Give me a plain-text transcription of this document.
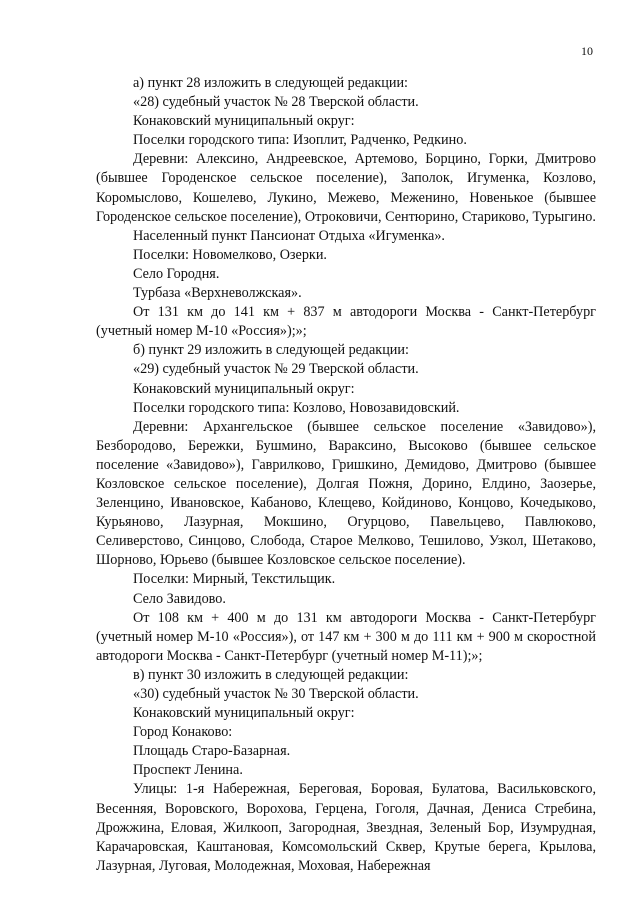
10

а) пункт 28 изложить в следующей редакции:

«28) судебный участок № 28 Тверской области.

Конаковский муниципальный округ:

Поселки городского типа: Изоплит, Радченко, Редкино.

Деревни: Алексино, Андреевское, Артемово, Борцино, Горки, Дмитрово (бывшее Городенское сельское поселение), Заполок, Игуменка, Козлово, Коромыслово, Кошелево, Лукино, Межево, Меженино, Новенькое (бывшее Городенское сельское поселение), Отроковичи, Сентюрино, Стариково, Турыгино.

Населенный пункт Пансионат Отдыха «Игуменка».

Поселки: Новомелково, Озерки.

Село Городня.

Турбаза «Верхневолжская».

От 131 км до 141 км + 837 м автодороги Москва - Санкт-Петербург (учетный номер М-10 «Россия»);»;

б) пункт 29 изложить в следующей редакции:

«29) судебный участок № 29 Тверской области.

Конаковский муниципальный округ:

Поселки городского типа: Козлово, Новозавидовский.

Деревни: Архангельское (бывшее сельское поселение «Завидово»), Безбородово, Бережки, Бушмино, Вараксино, Высоково (бывшее сельское поселение «Завидово»), Гаврилково, Гришкино, Демидово, Дмитрово (бывшее Козловское сельское поселение), Долгая Пожня, Дорино, Елдино, Заозерье, Зеленцино, Ивановское, Кабаново, Клещево, Койдиново, Концово, Кочедыково, Курьяново, Лазурная, Мокшино, Огурцово, Павельцево, Павлюково, Селиверстово, Синцово, Слобода, Старое Мелково, Тешилово, Узкол, Шетаково, Шорново, Юрьево (бывшее Козловское сельское поселение).

Поселки: Мирный, Текстильщик.

Село Завидово.

От 108 км + 400 м до 131 км автодороги Москва - Санкт-Петербург (учетный номер М-10 «Россия»), от 147 км + 300 м до 111 км + 900 м скоростной автодороги Москва - Санкт-Петербург (учетный номер М-11);»;

в) пункт 30 изложить в следующей редакции:

«30) судебный участок № 30 Тверской области.

Конаковский муниципальный округ:

Город Конаково:

Площадь Старо-Базарная.

Проспект Ленина.

Улицы: 1-я Набережная, Береговая, Боровая, Булатова, Васильковского, Весенняя, Воровского, Ворохова, Герцена, Гоголя, Дачная, Дениса Стребина, Дрожжина, Еловая, Жилкооп, Загородная, Звездная, Зеленый Бор, Изумрудная, Карачаровская, Каштановая, Комсомольский Сквер, Крутые берега, Крылова, Лазурная, Луговая, Молодежная, Моховая, Набережная
